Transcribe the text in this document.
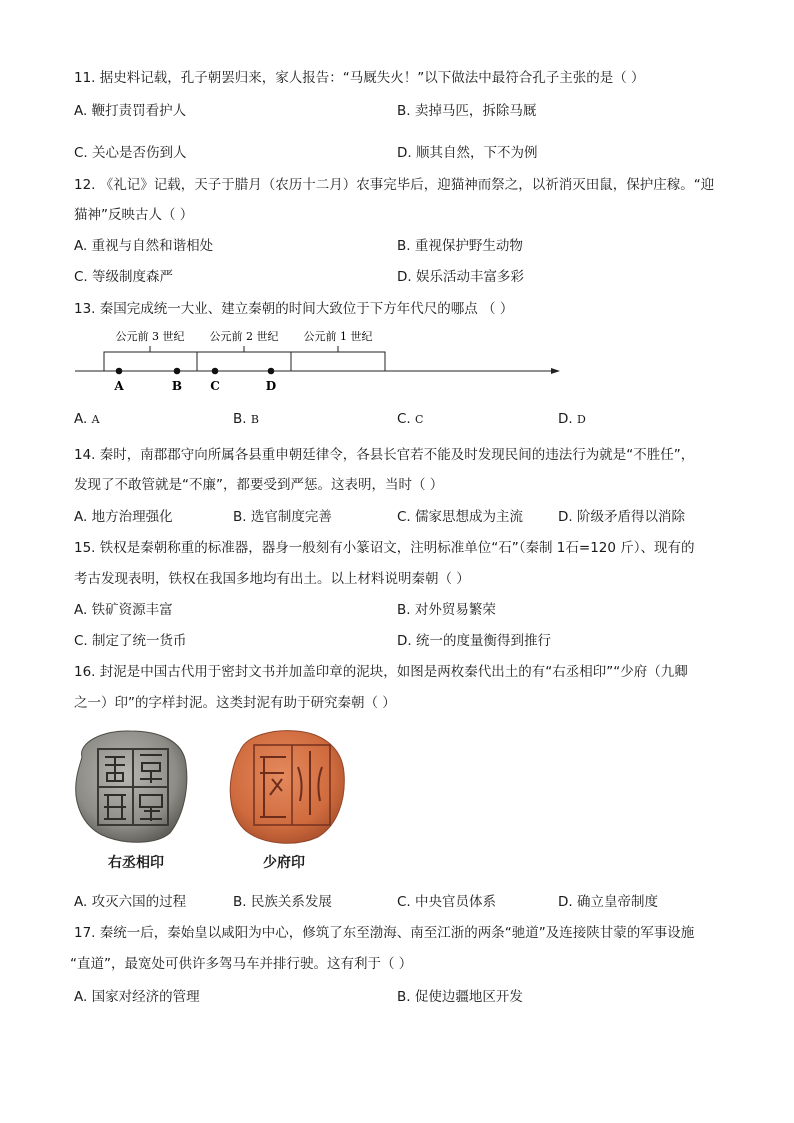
11. 据史料记载，孔子朝罢归来，家人报告：“马厩失火！”以下做法中最符合孔子主张的是（ ）
A. 鞭打责罚看护人	B. 卖掉马匹，拆除马厩
C. 关心是否伤到人	D. 顺其自然，下不为例
12. 《礼记》记载，天子于腊月（农历十二月）农事完毕后，迎猫神而祭之，以祈消灭田鼠，保护庄稼。“迎
猫神”反映古人（ ）
A. 重视与自然和谐相处	B. 重视保护野生动物
C. 等级制度森严	D. 娱乐活动丰富多彩
13. 秦国完成统一大业、建立秦朝的时间大致位于下方年代尺的哪点 （ ）
公元前 3 世纪 公元前 2 世纪 公元前 1 世纪
A	B C	D
A. A	B. B	C. C	D. D
14. 秦时，南郡郡守向所属各县重申朝廷律令，各县长官若不能及时发现民间的违法行为就是“不胜任”，
发现了不敢管就是“不廉”，都要受到严惩。这表明，当时（ ）
A. 地方治理强化	B. 选官制度完善	C. 儒家思想成为主流	D. 阶级矛盾得以消除
15. 铁权是秦朝称重的标准器，器身一般刻有小篆诏文，注明标准单位“石”（秦制 1石=120 斤）、现有的
考古发现表明，铁权在我国多地均有出土。以上材料说明秦朝（ ）
A. 铁矿资源丰富	B. 对外贸易繁荣
C. 制定了统一货币	D. 统一的度量衡得到推行
16. 封泥是中国古代用于密封文书并加盖印章的泥块，如图是两枚秦代出土的有“右丞相印”“少府（九卿
之一）印”的字样封泥。这类封泥有助于研究秦朝（ ）
右丞相印	少府印
A. 攻灭六国的过程	B. 民族关系发展	C. 中央官员体系	D. 确立皇帝制度
17. 秦统一后，秦始皇以咸阳为中心，修筑了东至渤海、南至江浙的两条“驰道”及连接陕甘蒙的军事设施
“直道”，最宽处可供许多驾马车并排行驶。这有利于（ ）
A. 国家对经济的管理	B. 促使边疆地区开发
